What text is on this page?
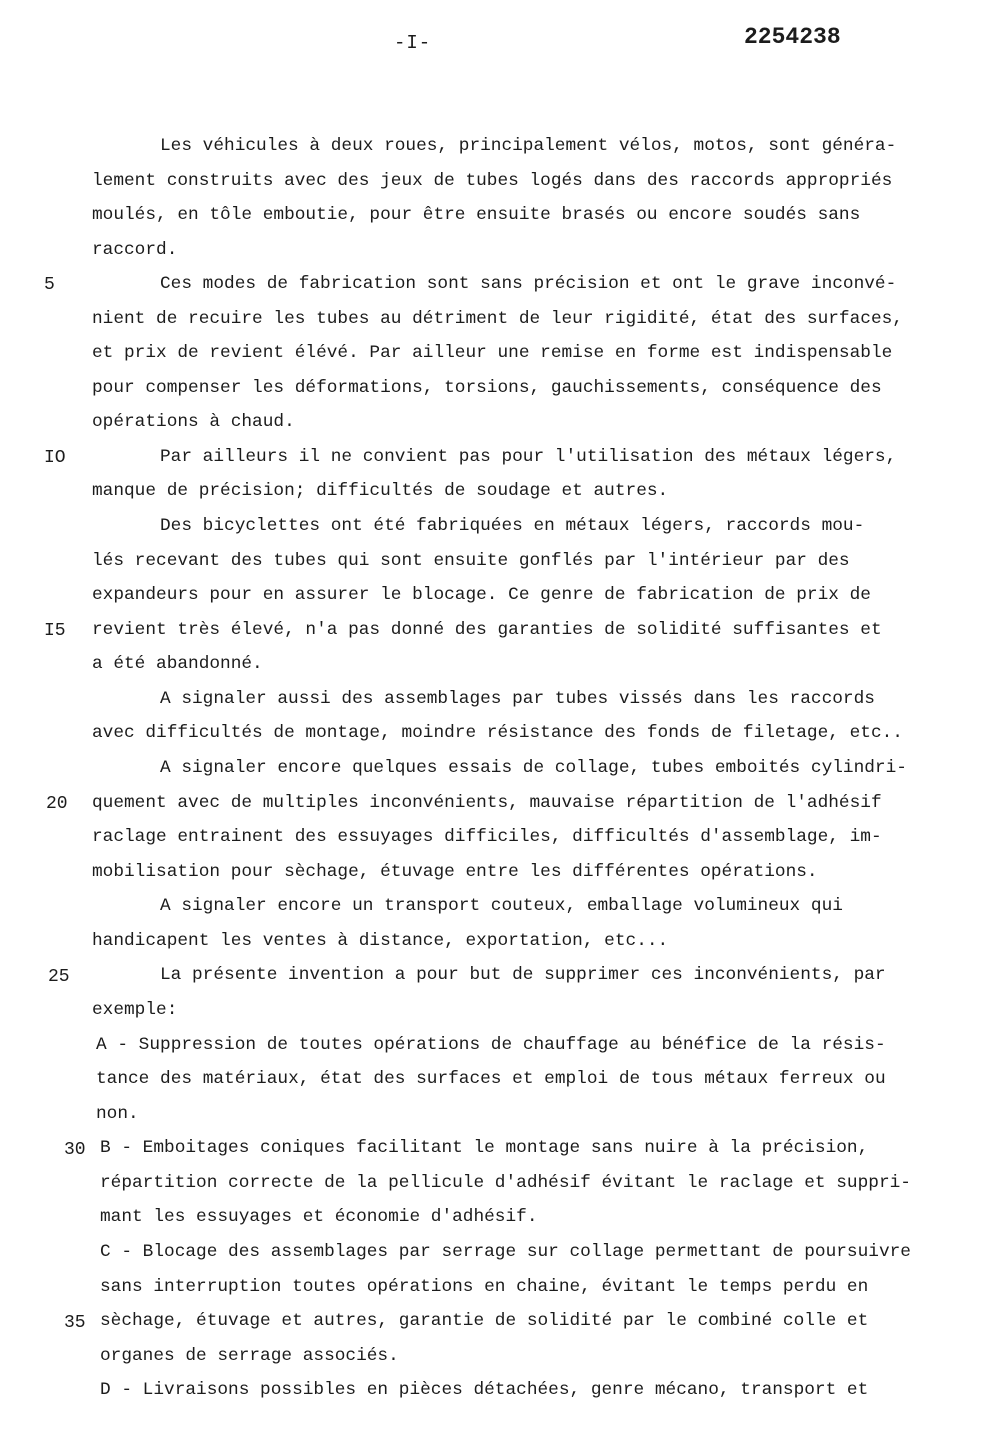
-I-	2254238
5
IO
I5
20
25
30
35
Les véhicules à deux roues, principalement vélos, motos, sont généra-
lement construits avec des jeux de tubes logés dans des raccords appropriés
moulés, en tôle emboutie, pour être ensuite brasés ou encore soudés sans
raccord.
Ces modes de fabrication sont sans précision et ont le grave inconvé-
nient de recuire les tubes au détriment de leur rigidité, état des surfaces,
et prix de revient élévé. Par ailleur une remise en forme est indispensable
pour compenser les déformations, torsions, gauchissements, conséquence des
opérations à chaud.
Par ailleurs il ne convient pas pour l'utilisation des métaux légers,
manque de précision; difficultés de soudage et autres.
Des bicyclettes ont été fabriquées en métaux légers, raccords mou-
lés recevant des tubes qui sont ensuite gonflés par l'intérieur par des
expandeurs pour en assurer le blocage. Ce genre de fabrication de prix de
revient très élevé, n'a pas donné des garanties de solidité suffisantes et
a été abandonné.
A signaler aussi des assemblages par tubes vissés dans les raccords
avec difficultés de montage, moindre résistance des fonds de filetage, etc..
A signaler encore quelques essais de collage, tubes emboités cylindri-
quement avec de multiples inconvénients, mauvaise répartition de l'adhésif
raclage entrainent des essuyages difficiles, difficultés d'assemblage, im-
mobilisation pour sèchage, étuvage entre les différentes opérations.
A signaler encore un transport couteux, emballage volumineux qui
handicapent les ventes à distance, exportation, etc...
La présente invention a pour but de supprimer ces inconvénients, par
exemple:
A - Suppression de toutes opérations de chauffage au bénéfice de la résis-
tance des matériaux, état des surfaces et emploi de tous métaux ferreux ou
non.
B - Emboitages coniques facilitant le montage sans nuire à la précision,
répartition correcte de la pellicule d'adhésif évitant le raclage et suppri-
mant les essuyages et économie d'adhésif.
C - Blocage des assemblages par serrage sur collage permettant de poursuivre
sans interruption toutes opérations en chaine, évitant le temps perdu en
sèchage, étuvage et autres, garantie de solidité par le combiné colle et
organes de serrage associés.
D - Livraisons possibles en pièces détachées, genre mécano, transport et
